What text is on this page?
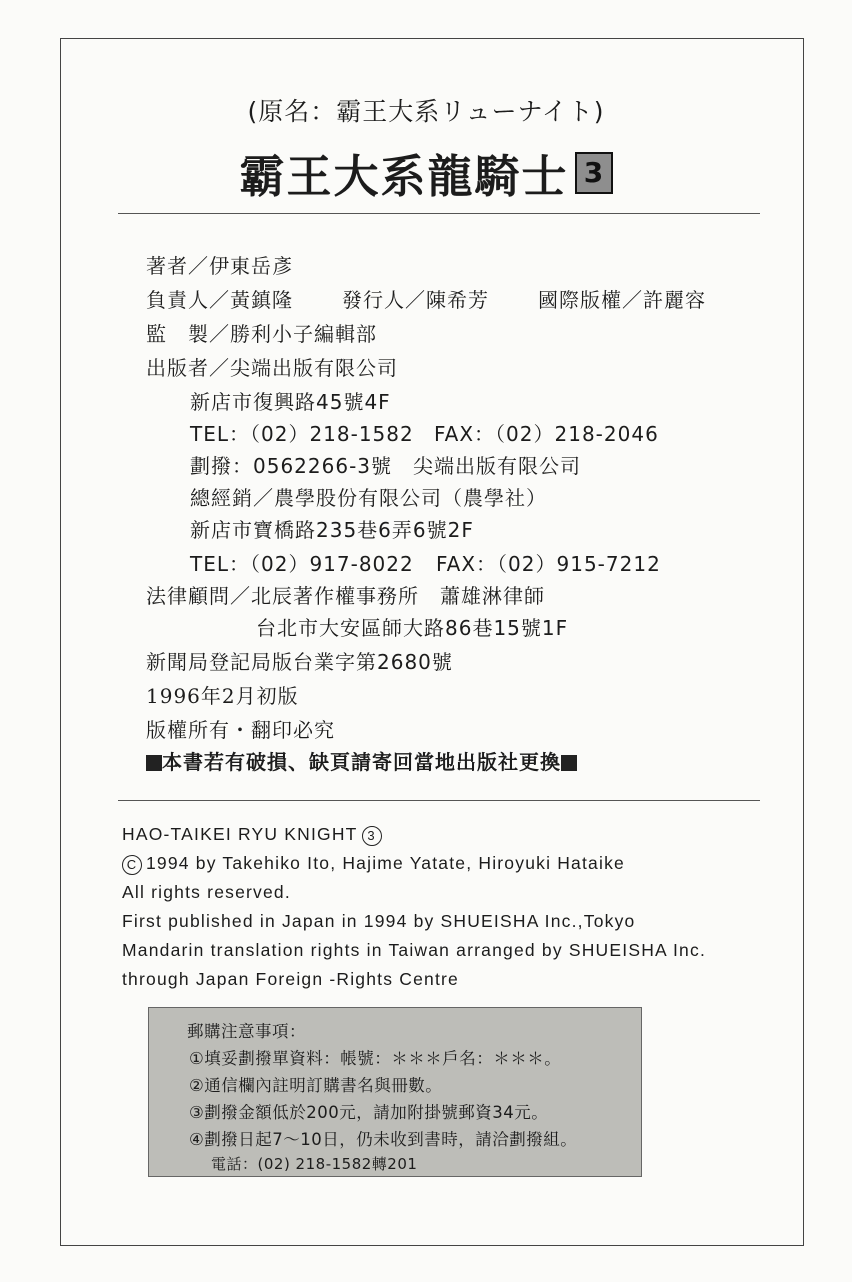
(原名：霸王大系リューナイト)
霸王大系龍騎士 3
著者／伊東岳彥
負責人／黃鎮隆 發行人／陳希芳 國際版權／許麗容
監　製／勝利小子編輯部
出版者／尖端出版有限公司
新店市復興路45號4F
TEL：（02）218-1582 FAX：（02）218-2046
劃撥：0562266-3號　尖端出版有限公司
總經銷／農學股份有限公司（農學社）
新店市寶橋路235巷6弄6號2F
TEL：（02）917-8022 FAX：（02）915-7212
法律顧問／北辰著作權事務所　蕭雄淋律師
台北市大安區師大路86巷15號1F
新聞局登記局版台業字第2680號
1996年2月初版
版權所有・翻印必究
本書若有破損、缺頁請寄回當地出版社更換
HAO-TAIKEI RYU KNIGHT 3
C 1994 by Takehiko Ito, Hajime Yatate, Hiroyuki Hataike
All rights reserved.
First published in Japan in 1994 by SHUEISHA Inc.,Tokyo
Mandarin translation rights in Taiwan arranged by SHUEISHA Inc.
through Japan Foreign -Rights Centre
郵購注意事項：
①填妥劃撥單資料：帳號：＊＊＊戶名：＊＊＊。
②通信欄內註明訂購書名與冊數。
③劃撥金額低於200元，請加附掛號郵資34元。
④劃撥日起7～10日，仍未收到書時，請洽劃撥組。
電話：(02) 218-1582轉201
